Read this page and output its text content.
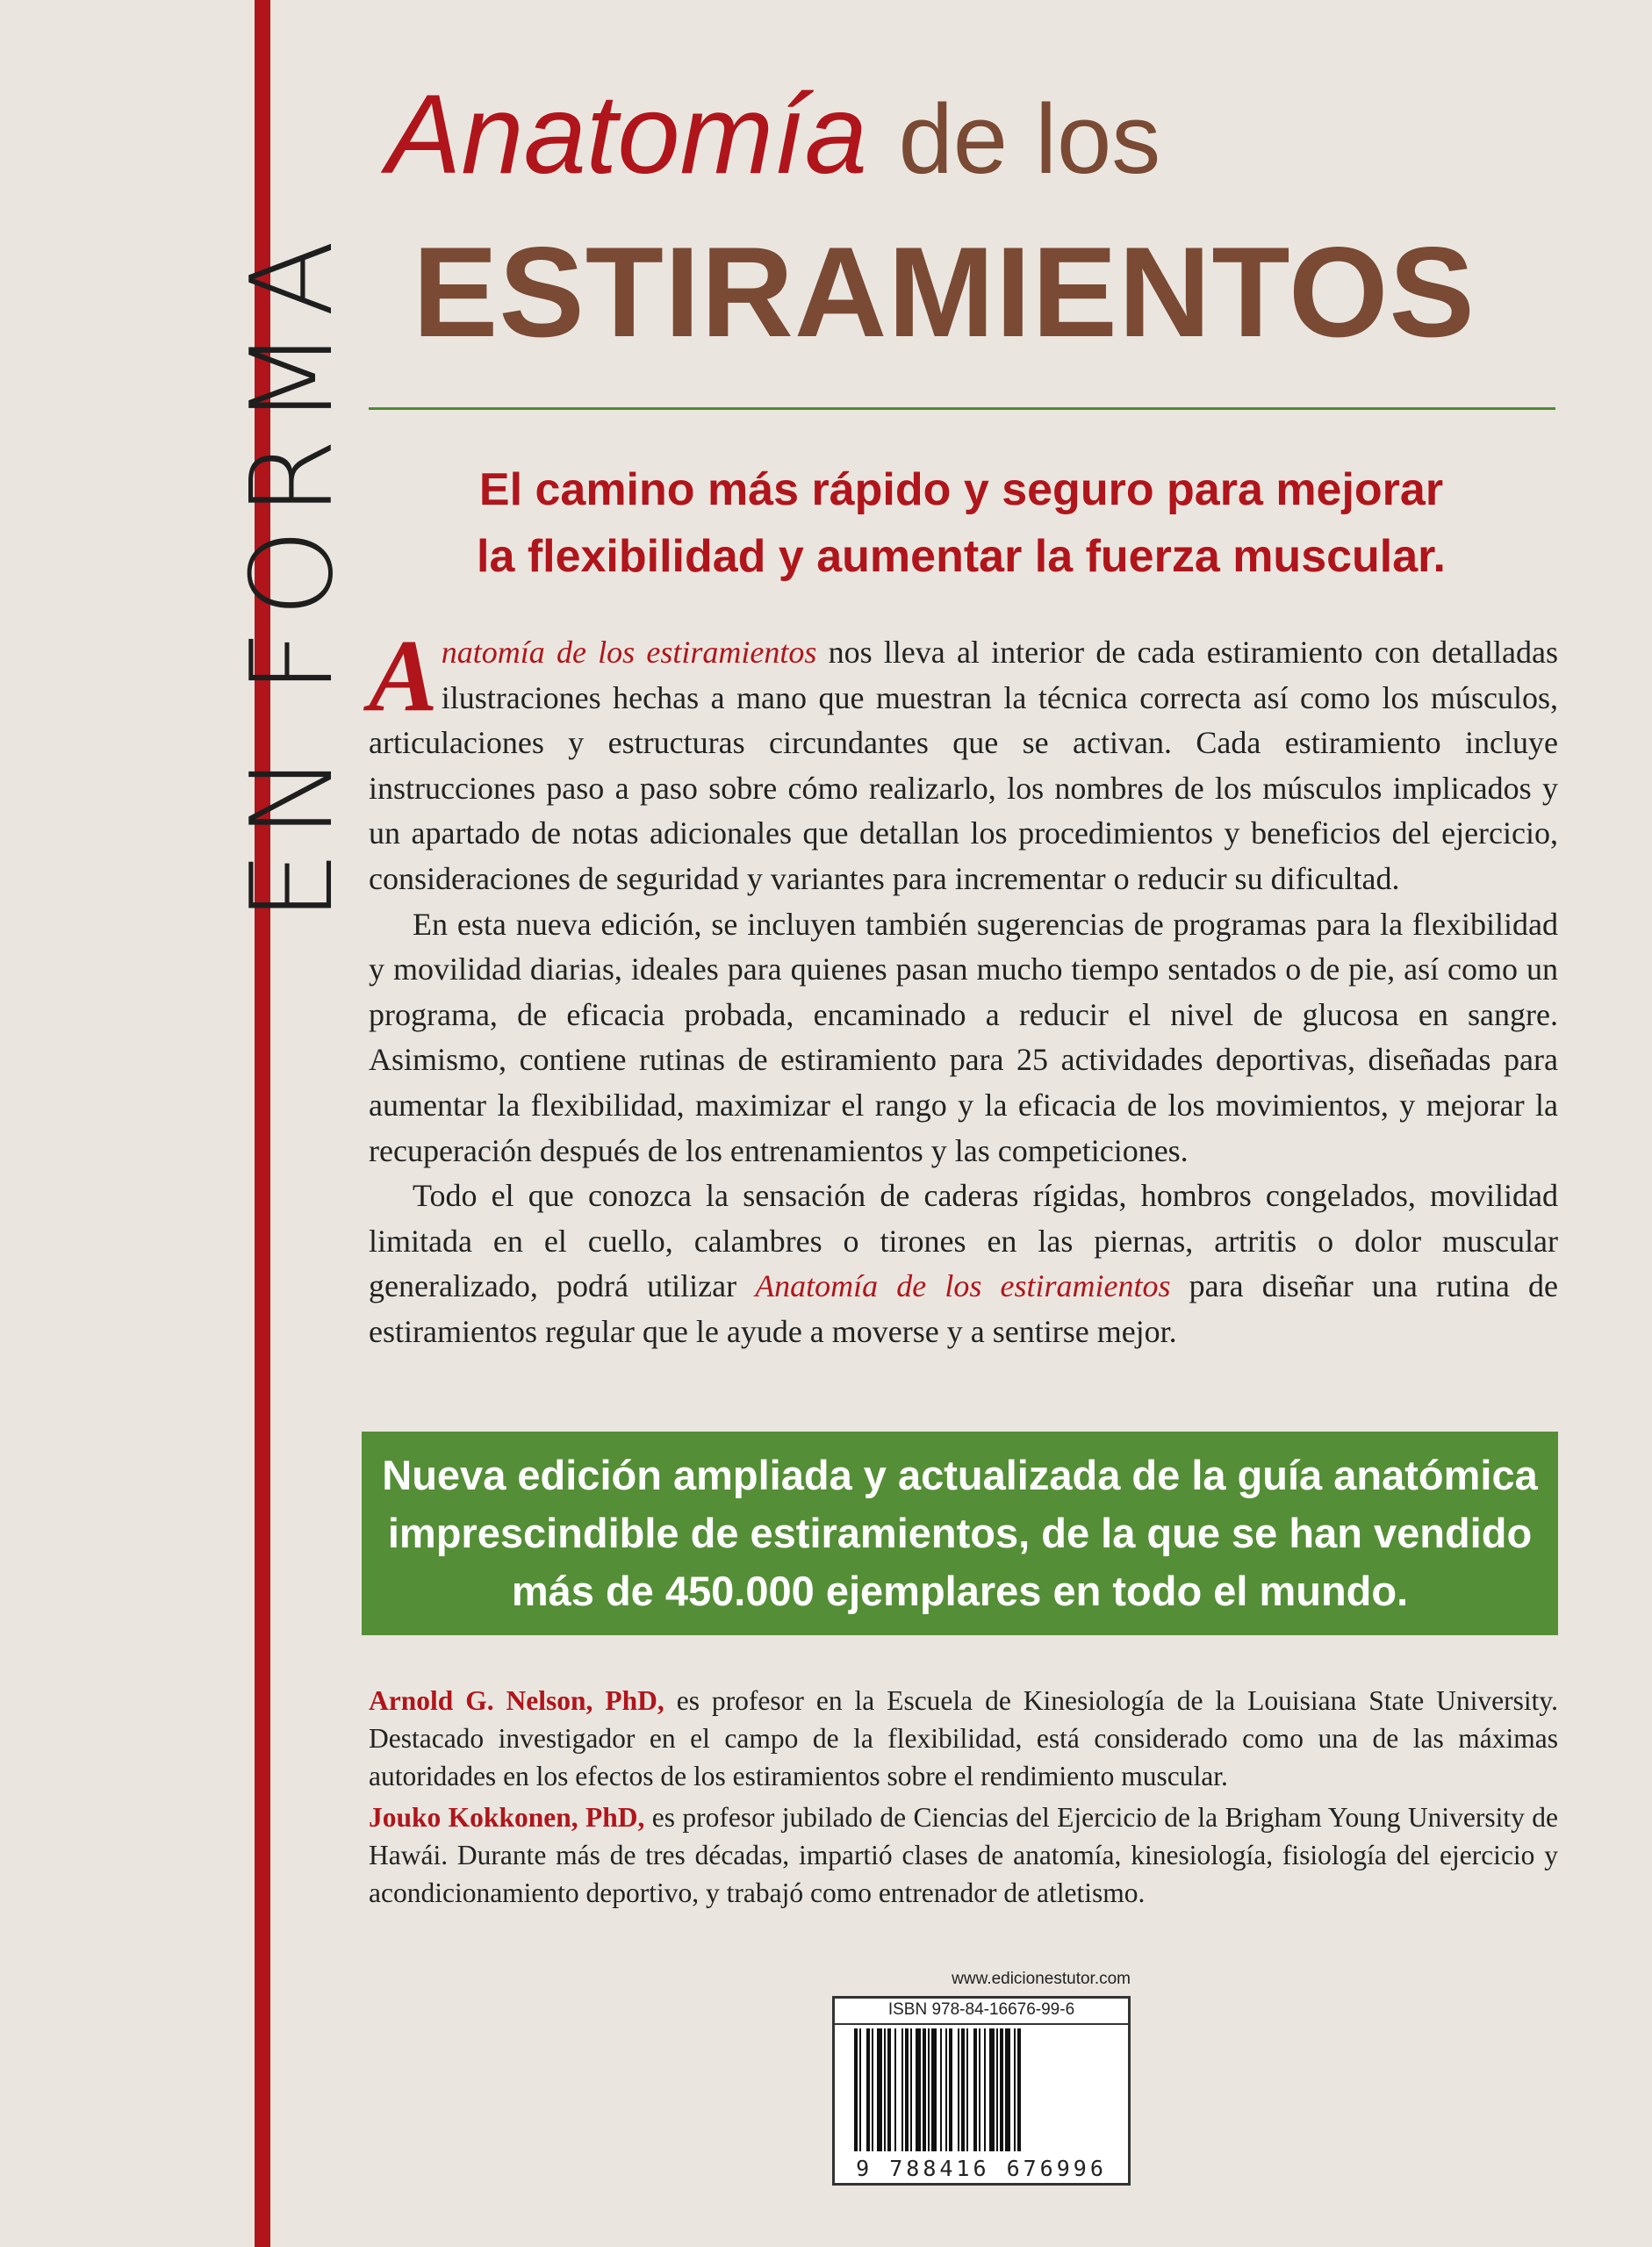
EN FORMA
Anatomía de los
ESTIRAMIENTOS
El camino más rápido y seguro para mejorar
la flexibilidad y aumentar la fuerza muscular.

Anatomía de los estiramientos nos lleva al interior de cada estiramiento con detalladas ilustraciones hechas a mano que muestran la técnica correcta así como los músculos, articulaciones y estructuras circundantes que se activan. Cada estiramiento incluye instrucciones paso a paso sobre cómo realizarlo, los nombres de los músculos implicados y un apartado de notas adicionales que detallan los procedimientos y beneficios del ejercicio, consideraciones de seguridad y variantes para incrementar o reducir su dificultad.

En esta nueva edición, se incluyen también sugerencias de programas para la flexibilidad y movilidad diarias, ideales para quienes pasan mucho tiempo sentados o de pie, así como un programa, de eficacia probada, encaminado a reducir el nivel de glucosa en sangre. Asimismo, contiene rutinas de estiramiento para 25 actividades deportivas, diseñadas para aumentar la flexibilidad, maximizar el rango y la eficacia de los movimientos, y mejorar la recuperación después de los entrenamientos y las competiciones.

Todo el que conozca la sensación de caderas rígidas, hombros congelados, movilidad limitada en el cuello, calambres o tirones en las piernas, artritis o dolor muscular generalizado, podrá utilizar Anatomía de los estiramientos para diseñar una rutina de estiramientos regular que le ayude a moverse y a sentirse mejor.

Nueva edición ampliada y actualizada de la guía anatómica imprescindible de estiramientos, de la que se han vendido más de 450.000 ejemplares en todo el mundo.

Arnold G. Nelson, PhD, es profesor en la Escuela de Kinesiología de la Louisiana State University. Destacado investigador en el campo de la flexibilidad, está considerado como una de las máximas autoridades en los efectos de los estiramientos sobre el rendimiento muscular.

Jouko Kokkonen, PhD, es profesor jubilado de Ciencias del Ejercicio de la Brigham Young University de Hawái. Durante más de tres décadas, impartió clases de anatomía, kinesiología, fisiología del ejercicio y acondicionamiento deportivo, y trabajó como entrenador de atletismo.

www.edicionestutor.com
ISBN 978-84-16676-99-6
9 788416 676996
